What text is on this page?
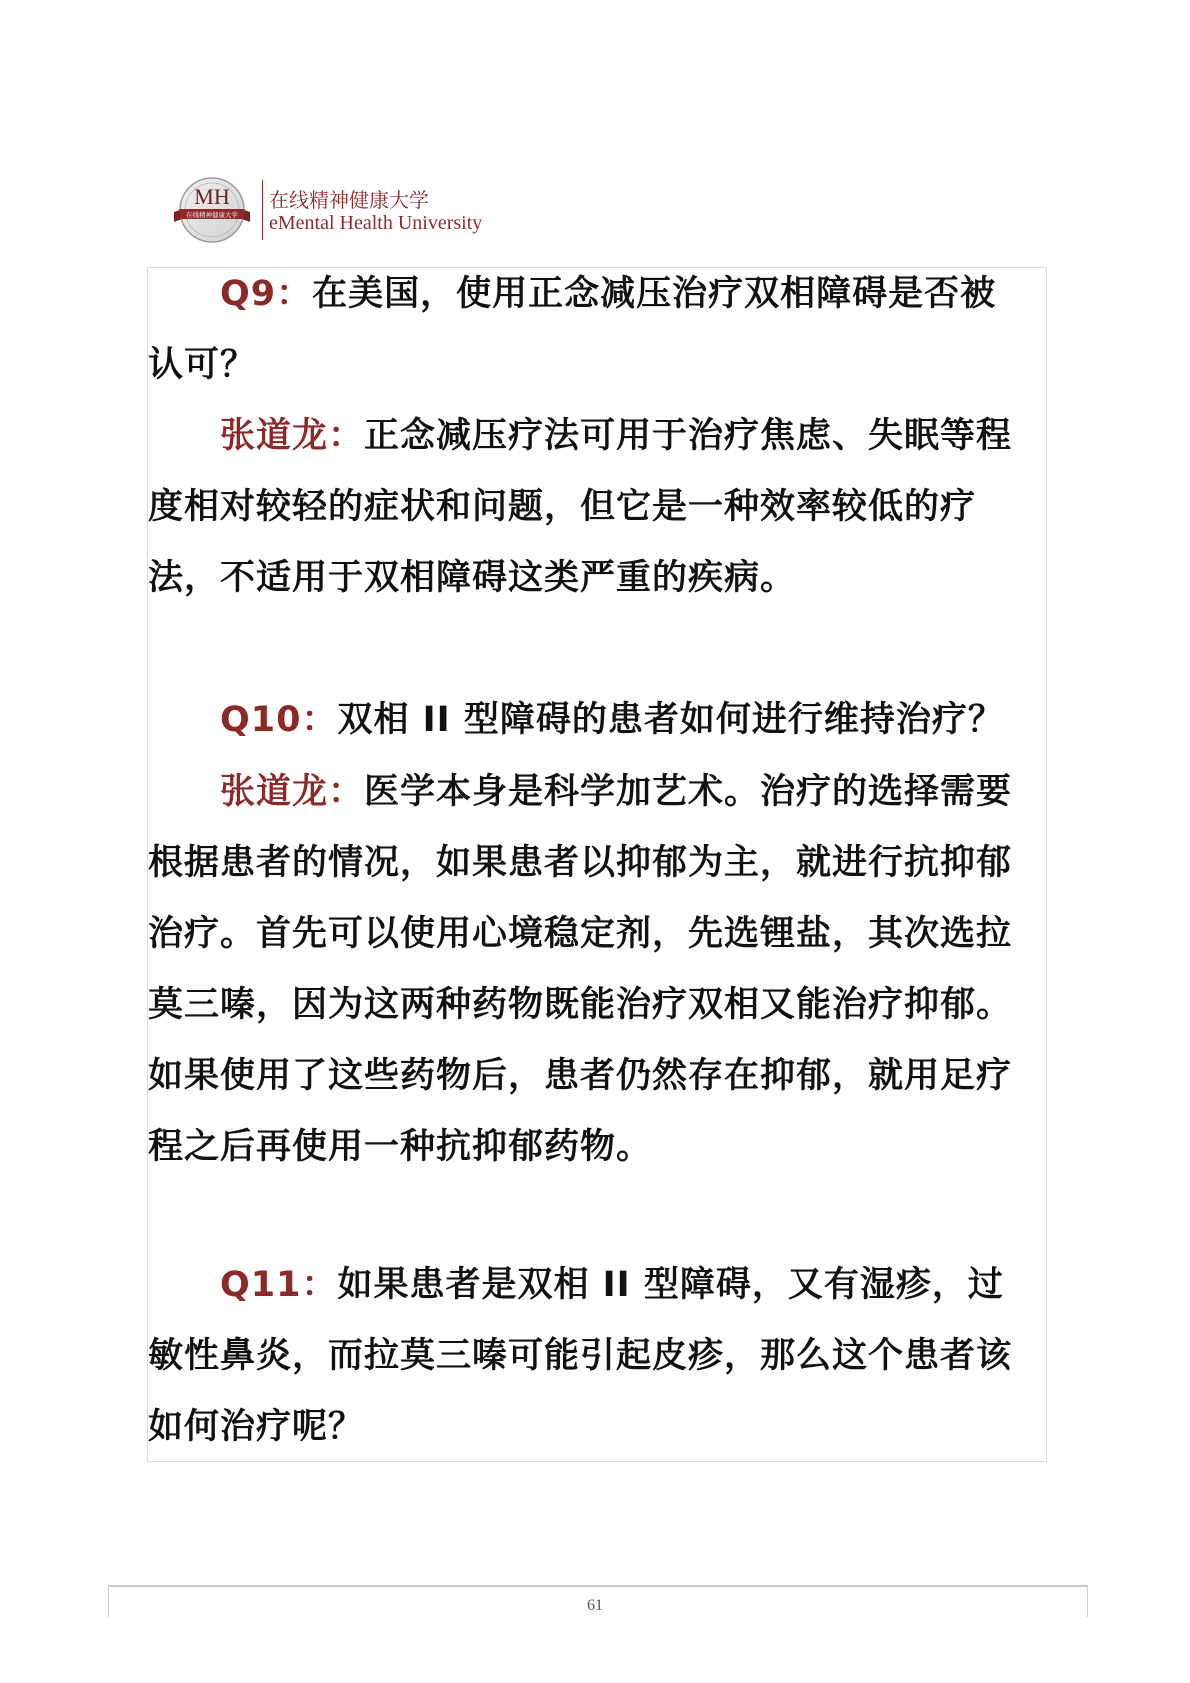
MH
在线精神健康大学
在线精神健康大学
eMental Health University

Q9：在美国，使用正念减压治疗双相障碍是否被认可？

张道龙：正念减压疗法可用于治疗焦虑、失眠等程度相对较轻的症状和问题，但它是一种效率较低的疗法，不适用于双相障碍这类严重的疾病。

Q10：双相 II 型障碍的患者如何进行维持治疗？

张道龙：医学本身是科学加艺术。治疗的选择需要根据患者的情况，如果患者以抑郁为主，就进行抗抑郁治疗。首先可以使用心境稳定剂，先选锂盐，其次选拉莫三嗪，因为这两种药物既能治疗双相又能治疗抑郁。如果使用了这些药物后，患者仍然存在抑郁，就用足疗程之后再使用一种抗抑郁药物。

Q11：如果患者是双相 II 型障碍，又有湿疹，过敏性鼻炎，而拉莫三嗪可能引起皮疹，那么这个患者该如何治疗呢？

61
